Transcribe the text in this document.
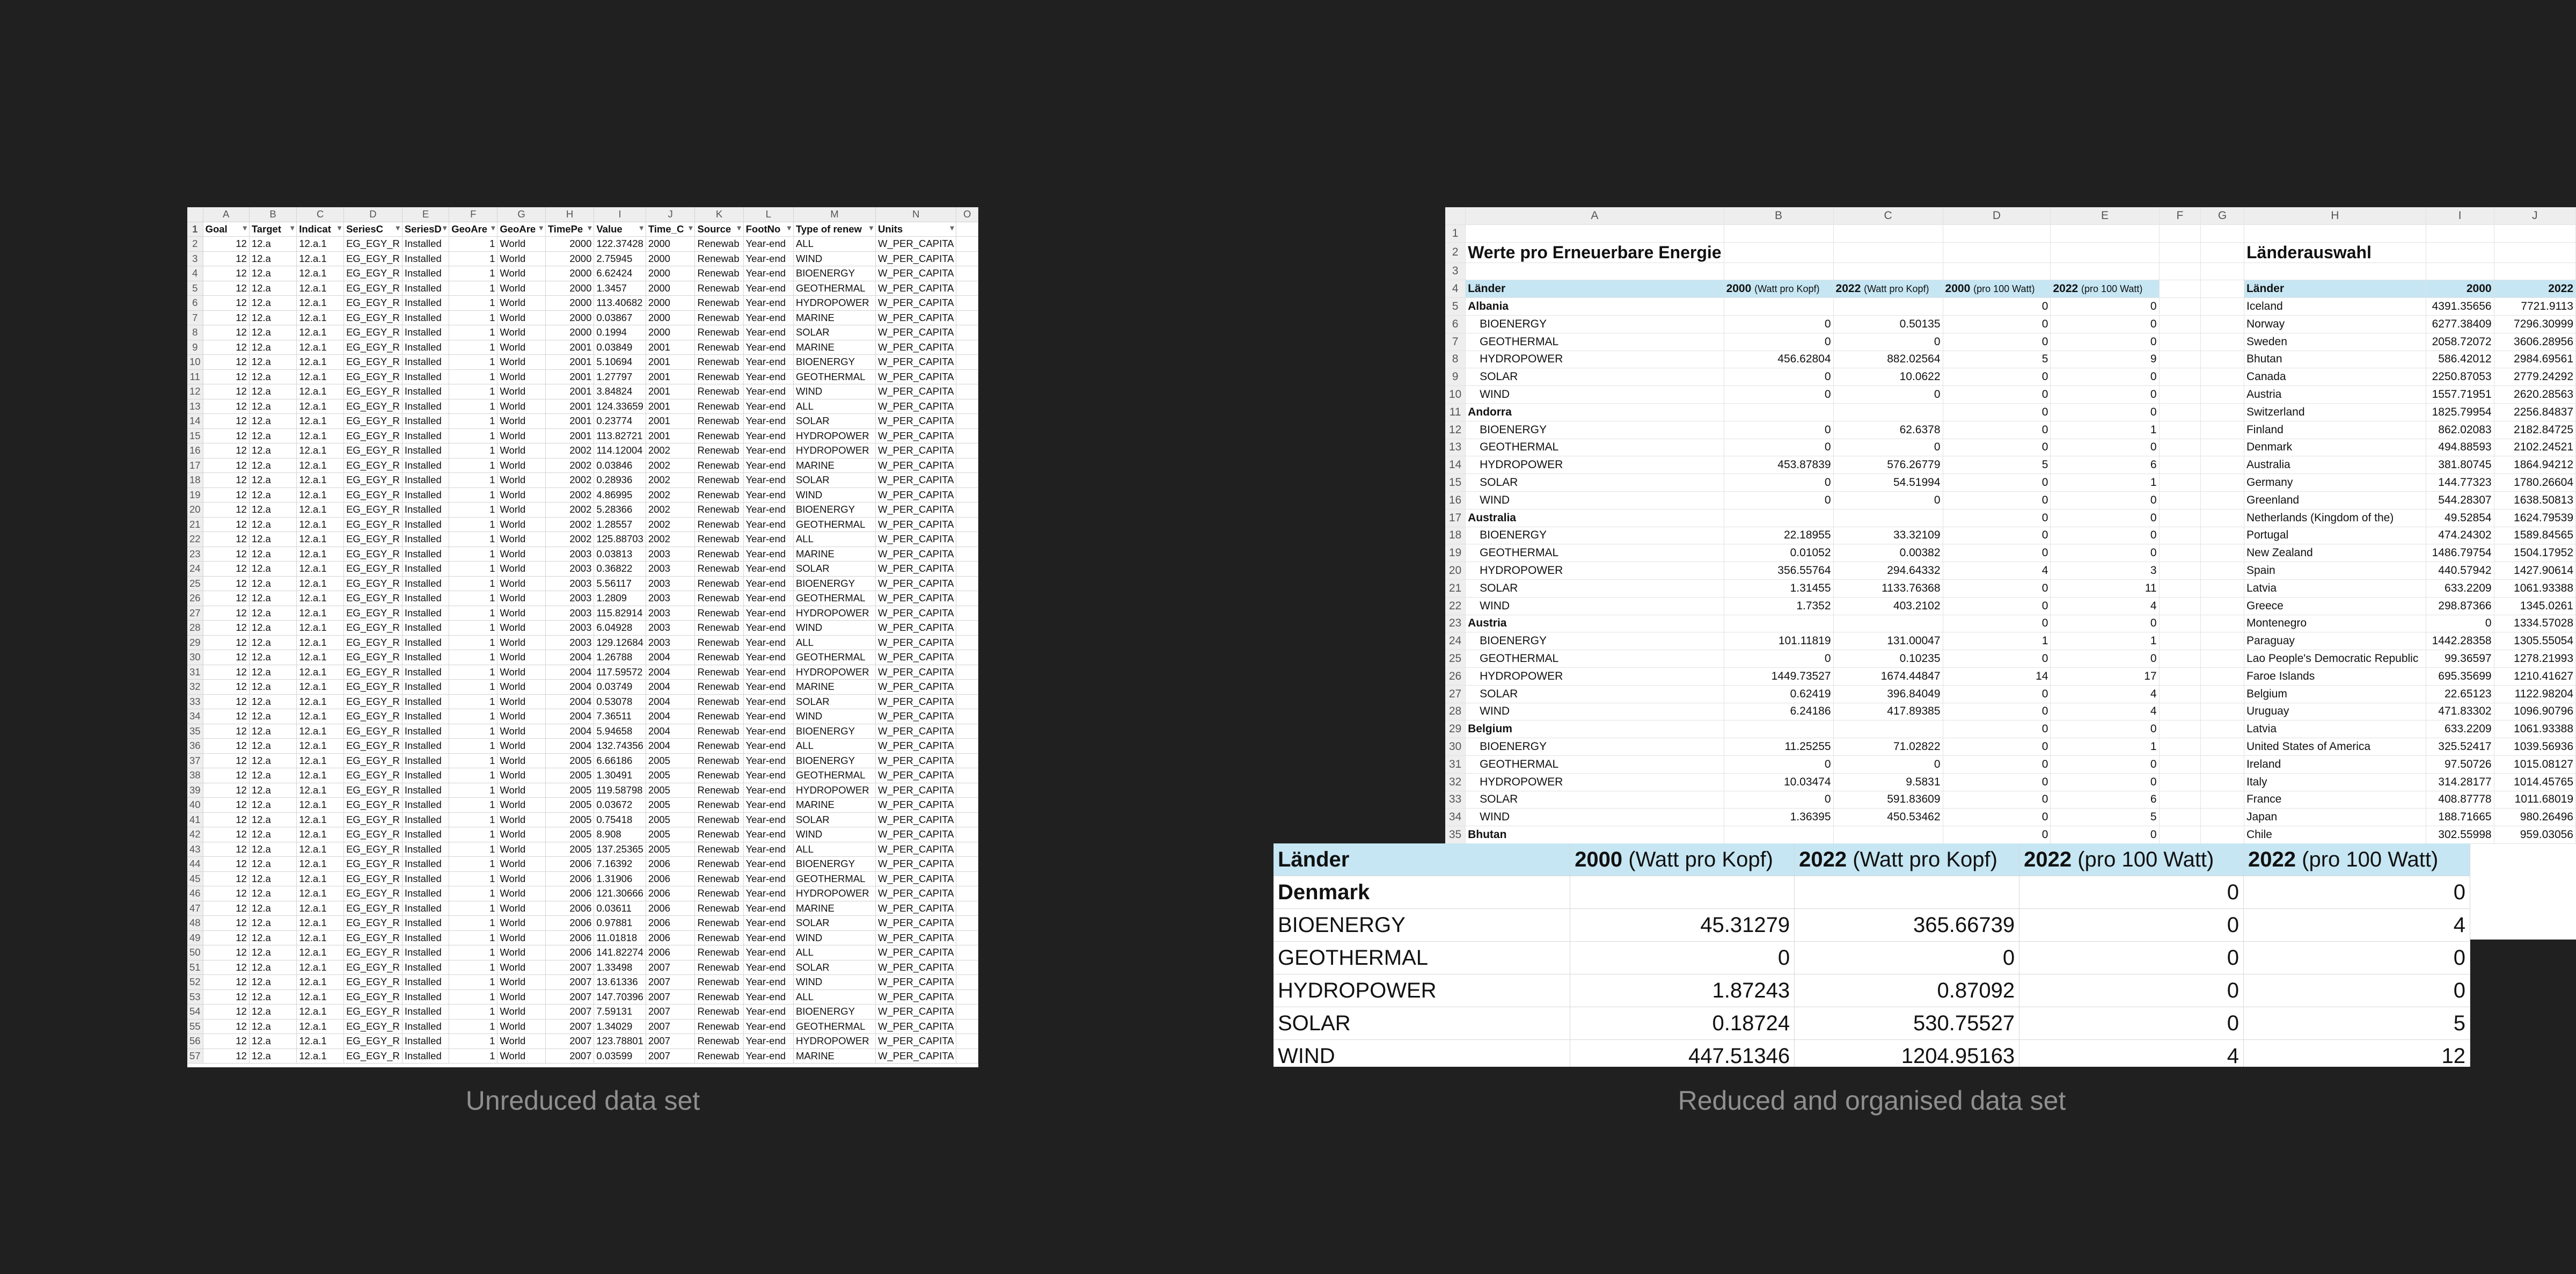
	A	B	C	D	E	F	G	H	I	J	K	L	M	N	O
1	Goal ▾	Target ▾	Indicat ▾	SeriesC ▾	SeriesD ▾	GeoAre ▾	GeoAre ▾	TimePe ▾	Value ▾	Time_C ▾	Source ▾	FootNo ▾	Type of renew ▾	Units ▾	

2	12	12.a	12.a.1	EG_EGY_R	Installed	1	World	2000	122.37428	2000	Renewab	Year-end	ALL	W_PER_CAPITA	
3	12	12.a	12.a.1	EG_EGY_R	Installed	1	World	2000	2.75945	2000	Renewab	Year-end	WIND	W_PER_CAPITA	
4	12	12.a	12.a.1	EG_EGY_R	Installed	1	World	2000	6.62424	2000	Renewab	Year-end	BIOENERGY	W_PER_CAPITA	
5	12	12.a	12.a.1	EG_EGY_R	Installed	1	World	2000	1.3457	2000	Renewab	Year-end	GEOTHERMAL	W_PER_CAPITA	
6	12	12.a	12.a.1	EG_EGY_R	Installed	1	World	2000	113.40682	2000	Renewab	Year-end	HYDROPOWER	W_PER_CAPITA	
7	12	12.a	12.a.1	EG_EGY_R	Installed	1	World	2000	0.03867	2000	Renewab	Year-end	MARINE	W_PER_CAPITA	
8	12	12.a	12.a.1	EG_EGY_R	Installed	1	World	2000	0.1994	2000	Renewab	Year-end	SOLAR	W_PER_CAPITA	
9	12	12.a	12.a.1	EG_EGY_R	Installed	1	World	2001	0.03849	2001	Renewab	Year-end	MARINE	W_PER_CAPITA	
10	12	12.a	12.a.1	EG_EGY_R	Installed	1	World	2001	5.10694	2001	Renewab	Year-end	BIOENERGY	W_PER_CAPITA	
11	12	12.a	12.a.1	EG_EGY_R	Installed	1	World	2001	1.27797	2001	Renewab	Year-end	GEOTHERMAL	W_PER_CAPITA	
12	12	12.a	12.a.1	EG_EGY_R	Installed	1	World	2001	3.84824	2001	Renewab	Year-end	WIND	W_PER_CAPITA	
13	12	12.a	12.a.1	EG_EGY_R	Installed	1	World	2001	124.33659	2001	Renewab	Year-end	ALL	W_PER_CAPITA	
14	12	12.a	12.a.1	EG_EGY_R	Installed	1	World	2001	0.23774	2001	Renewab	Year-end	SOLAR	W_PER_CAPITA	
15	12	12.a	12.a.1	EG_EGY_R	Installed	1	World	2001	113.82721	2001	Renewab	Year-end	HYDROPOWER	W_PER_CAPITA	
16	12	12.a	12.a.1	EG_EGY_R	Installed	1	World	2002	114.12004	2002	Renewab	Year-end	HYDROPOWER	W_PER_CAPITA	
17	12	12.a	12.a.1	EG_EGY_R	Installed	1	World	2002	0.03846	2002	Renewab	Year-end	MARINE	W_PER_CAPITA	
18	12	12.a	12.a.1	EG_EGY_R	Installed	1	World	2002	0.28936	2002	Renewab	Year-end	SOLAR	W_PER_CAPITA	
19	12	12.a	12.a.1	EG_EGY_R	Installed	1	World	2002	4.86995	2002	Renewab	Year-end	WIND	W_PER_CAPITA	
20	12	12.a	12.a.1	EG_EGY_R	Installed	1	World	2002	5.28366	2002	Renewab	Year-end	BIOENERGY	W_PER_CAPITA	
21	12	12.a	12.a.1	EG_EGY_R	Installed	1	World	2002	1.28557	2002	Renewab	Year-end	GEOTHERMAL	W_PER_CAPITA	
22	12	12.a	12.a.1	EG_EGY_R	Installed	1	World	2002	125.88703	2002	Renewab	Year-end	ALL	W_PER_CAPITA	
23	12	12.a	12.a.1	EG_EGY_R	Installed	1	World	2003	0.03813	2003	Renewab	Year-end	MARINE	W_PER_CAPITA	
24	12	12.a	12.a.1	EG_EGY_R	Installed	1	World	2003	0.36822	2003	Renewab	Year-end	SOLAR	W_PER_CAPITA	
25	12	12.a	12.a.1	EG_EGY_R	Installed	1	World	2003	5.56117	2003	Renewab	Year-end	BIOENERGY	W_PER_CAPITA	
26	12	12.a	12.a.1	EG_EGY_R	Installed	1	World	2003	1.2809	2003	Renewab	Year-end	GEOTHERMAL	W_PER_CAPITA	
27	12	12.a	12.a.1	EG_EGY_R	Installed	1	World	2003	115.82914	2003	Renewab	Year-end	HYDROPOWER	W_PER_CAPITA	
28	12	12.a	12.a.1	EG_EGY_R	Installed	1	World	2003	6.04928	2003	Renewab	Year-end	WIND	W_PER_CAPITA	
29	12	12.a	12.a.1	EG_EGY_R	Installed	1	World	2003	129.12684	2003	Renewab	Year-end	ALL	W_PER_CAPITA	
30	12	12.a	12.a.1	EG_EGY_R	Installed	1	World	2004	1.26788	2004	Renewab	Year-end	GEOTHERMAL	W_PER_CAPITA	
31	12	12.a	12.a.1	EG_EGY_R	Installed	1	World	2004	117.59572	2004	Renewab	Year-end	HYDROPOWER	W_PER_CAPITA	
32	12	12.a	12.a.1	EG_EGY_R	Installed	1	World	2004	0.03749	2004	Renewab	Year-end	MARINE	W_PER_CAPITA	
33	12	12.a	12.a.1	EG_EGY_R	Installed	1	World	2004	0.53078	2004	Renewab	Year-end	SOLAR	W_PER_CAPITA	
34	12	12.a	12.a.1	EG_EGY_R	Installed	1	World	2004	7.36511	2004	Renewab	Year-end	WIND	W_PER_CAPITA	
35	12	12.a	12.a.1	EG_EGY_R	Installed	1	World	2004	5.94658	2004	Renewab	Year-end	BIOENERGY	W_PER_CAPITA	
36	12	12.a	12.a.1	EG_EGY_R	Installed	1	World	2004	132.74356	2004	Renewab	Year-end	ALL	W_PER_CAPITA	
37	12	12.a	12.a.1	EG_EGY_R	Installed	1	World	2005	6.66186	2005	Renewab	Year-end	BIOENERGY	W_PER_CAPITA	
38	12	12.a	12.a.1	EG_EGY_R	Installed	1	World	2005	1.30491	2005	Renewab	Year-end	GEOTHERMAL	W_PER_CAPITA	
39	12	12.a	12.a.1	EG_EGY_R	Installed	1	World	2005	119.58798	2005	Renewab	Year-end	HYDROPOWER	W_PER_CAPITA	
40	12	12.a	12.a.1	EG_EGY_R	Installed	1	World	2005	0.03672	2005	Renewab	Year-end	MARINE	W_PER_CAPITA	
41	12	12.a	12.a.1	EG_EGY_R	Installed	1	World	2005	0.75418	2005	Renewab	Year-end	SOLAR	W_PER_CAPITA	
42	12	12.a	12.a.1	EG_EGY_R	Installed	1	World	2005	8.908	2005	Renewab	Year-end	WIND	W_PER_CAPITA	
43	12	12.a	12.a.1	EG_EGY_R	Installed	1	World	2005	137.25365	2005	Renewab	Year-end	ALL	W_PER_CAPITA	
44	12	12.a	12.a.1	EG_EGY_R	Installed	1	World	2006	7.16392	2006	Renewab	Year-end	BIOENERGY	W_PER_CAPITA	
45	12	12.a	12.a.1	EG_EGY_R	Installed	1	World	2006	1.31906	2006	Renewab	Year-end	GEOTHERMAL	W_PER_CAPITA	
46	12	12.a	12.a.1	EG_EGY_R	Installed	1	World	2006	121.30666	2006	Renewab	Year-end	HYDROPOWER	W_PER_CAPITA	
47	12	12.a	12.a.1	EG_EGY_R	Installed	1	World	2006	0.03611	2006	Renewab	Year-end	MARINE	W_PER_CAPITA	
48	12	12.a	12.a.1	EG_EGY_R	Installed	1	World	2006	0.97881	2006	Renewab	Year-end	SOLAR	W_PER_CAPITA	
49	12	12.a	12.a.1	EG_EGY_R	Installed	1	World	2006	11.01818	2006	Renewab	Year-end	WIND	W_PER_CAPITA	
50	12	12.a	12.a.1	EG_EGY_R	Installed	1	World	2006	141.82274	2006	Renewab	Year-end	ALL	W_PER_CAPITA	
51	12	12.a	12.a.1	EG_EGY_R	Installed	1	World	2007	1.33498	2007	Renewab	Year-end	SOLAR	W_PER_CAPITA	
52	12	12.a	12.a.1	EG_EGY_R	Installed	1	World	2007	13.61336	2007	Renewab	Year-end	WIND	W_PER_CAPITA	
53	12	12.a	12.a.1	EG_EGY_R	Installed	1	World	2007	147.70396	2007	Renewab	Year-end	ALL	W_PER_CAPITA	
54	12	12.a	12.a.1	EG_EGY_R	Installed	1	World	2007	7.59131	2007	Renewab	Year-end	BIOENERGY	W_PER_CAPITA	
55	12	12.a	12.a.1	EG_EGY_R	Installed	1	World	2007	1.34029	2007	Renewab	Year-end	GEOTHERMAL	W_PER_CAPITA	
56	12	12.a	12.a.1	EG_EGY_R	Installed	1	World	2007	123.78801	2007	Renewab	Year-end	HYDROPOWER	W_PER_CAPITA	
57	12	12.a	12.a.1	EG_EGY_R	Installed	1	World	2007	0.03599	2007	Renewab	Year-end	MARINE	W_PER_CAPITA	
Unreduced data set
	A	B	C	D	E	F	G	H	I	J
1										
2	Werte pro Erneuerbare Energie							Länderauswahl		
3										
4	Länder	2000 (Watt pro Kopf)	2022 (Watt pro Kopf)	2000 (pro 100 Watt)	2022 (pro 100 Watt)			Länder	2000	2022
5	Albania			0	0			Iceland	4391.35656	7721.9113
6	BIOENERGY	0	0.50135	0	0			Norway	6277.38409	7296.30999
7	GEOTHERMAL	0	0	0	0			Sweden	2058.72072	3606.28956
8	HYDROPOWER	456.62804	882.02564	5	9			Bhutan	586.42012	2984.69561
9	SOLAR	0	10.0622	0	0			Canada	2250.87053	2779.24292
10	WIND	0	0	0	0			Austria	1557.71951	2620.28563
11	Andorra			0	0			Switzerland	1825.79954	2256.84837
12	BIOENERGY	0	62.6378	0	1			Finland	862.02083	2182.84725
13	GEOTHERMAL	0	0	0	0			Denmark	494.88593	2102.24521
14	HYDROPOWER	453.87839	576.26779	5	6			Australia	381.80745	1864.94212
15	SOLAR	0	54.51994	0	1			Germany	144.77323	1780.26604
16	WIND	0	0	0	0			Greenland	544.28307	1638.50813
17	Australia			0	0			Netherlands (Kingdom of the)	49.52854	1624.79539
18	BIOENERGY	22.18955	33.32109	0	0			Portugal	474.24302	1589.84565
19	GEOTHERMAL	0.01052	0.00382	0	0			New Zealand	1486.79754	1504.17952
20	HYDROPOWER	356.55764	294.64332	4	3			Spain	440.57942	1427.90614
21	SOLAR	1.31455	1133.76368	0	11			Latvia	633.2209	1061.93388
22	WIND	1.7352	403.2102	0	4			Greece	298.87366	1345.0261
23	Austria			0	0			Montenegro	0	1334.57028
24	BIOENERGY	101.11819	131.00047	1	1			Paraguay	1442.28358	1305.55054
25	GEOTHERMAL	0	0.10235	0	0			Lao People's Democratic Republic	99.36597	1278.21993
26	HYDROPOWER	1449.73527	1674.44847	14	17			Faroe Islands	695.35699	1210.41627
27	SOLAR	0.62419	396.84049	0	4			Belgium	22.65123	1122.98204
28	WIND	6.24186	417.89385	0	4			Uruguay	471.83302	1096.90796
29	Belgium			0	0			Latvia	633.2209	1061.93388
30	BIOENERGY	11.25255	71.02822	0	1			United States of America	325.52417	1039.56936
31	GEOTHERMAL	0	0	0	0			Ireland	97.50726	1015.08127
32	HYDROPOWER	10.03474	9.5831	0	0			Italy	314.28177	1014.45765
33	SOLAR	0	591.83609	0	6			France	408.87778	1011.68019
34	WIND	1.36395	450.53462	0	5			Japan	188.71665	980.26496
35	Bhutan			0	0			Chile	302.55998	959.03056
Reduced and organised data set
Länder	2000 (Watt pro Kopf)	2022 (Watt pro Kopf)	2022 (pro 100 Watt)	2022 (pro 100 Watt)
Denmark			0	0
BIOENERGY	45.31279	365.66739	0	4
GEOTHERMAL	0	0	0	0
HYDROPOWER	1.87243	0.87092	0	0
SOLAR	0.18724	530.75527	0	5
WIND	447.51346	1204.95163	4	12
